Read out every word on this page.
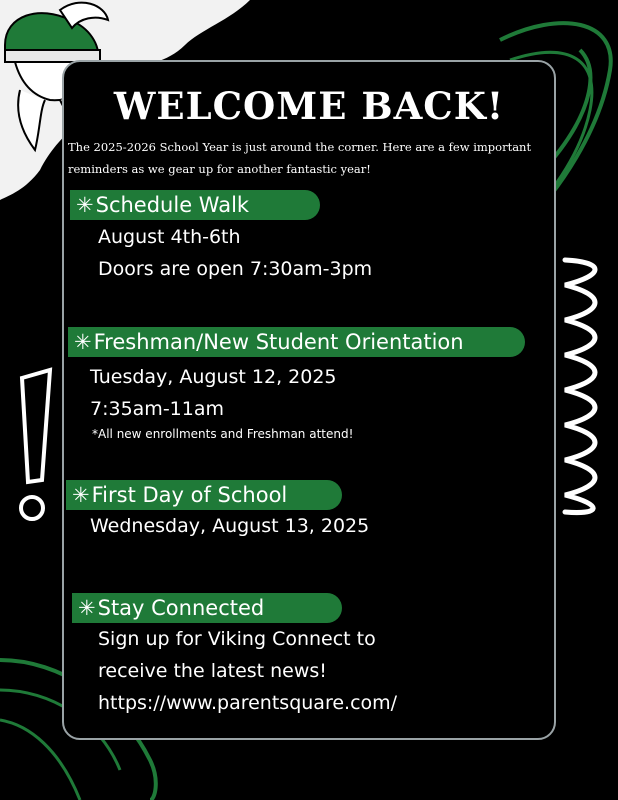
WELCOME BACK!
The 2025-2026 School Year is just around the corner. Here are a few important reminders as we gear up for another fantastic year!
✳Schedule Walk
August 4th-6th
Doors are open 7:30am-3pm
✳Freshman/New Student Orientation
Tuesday, August 12, 2025
7:35am-11am
*All new enrollments and Freshman attend!
✳First Day of School
Wednesday, August 13, 2025
✳Stay Connected
Sign up for Viking Connect to
receive the latest news!
https://www.parentsquare.com/
